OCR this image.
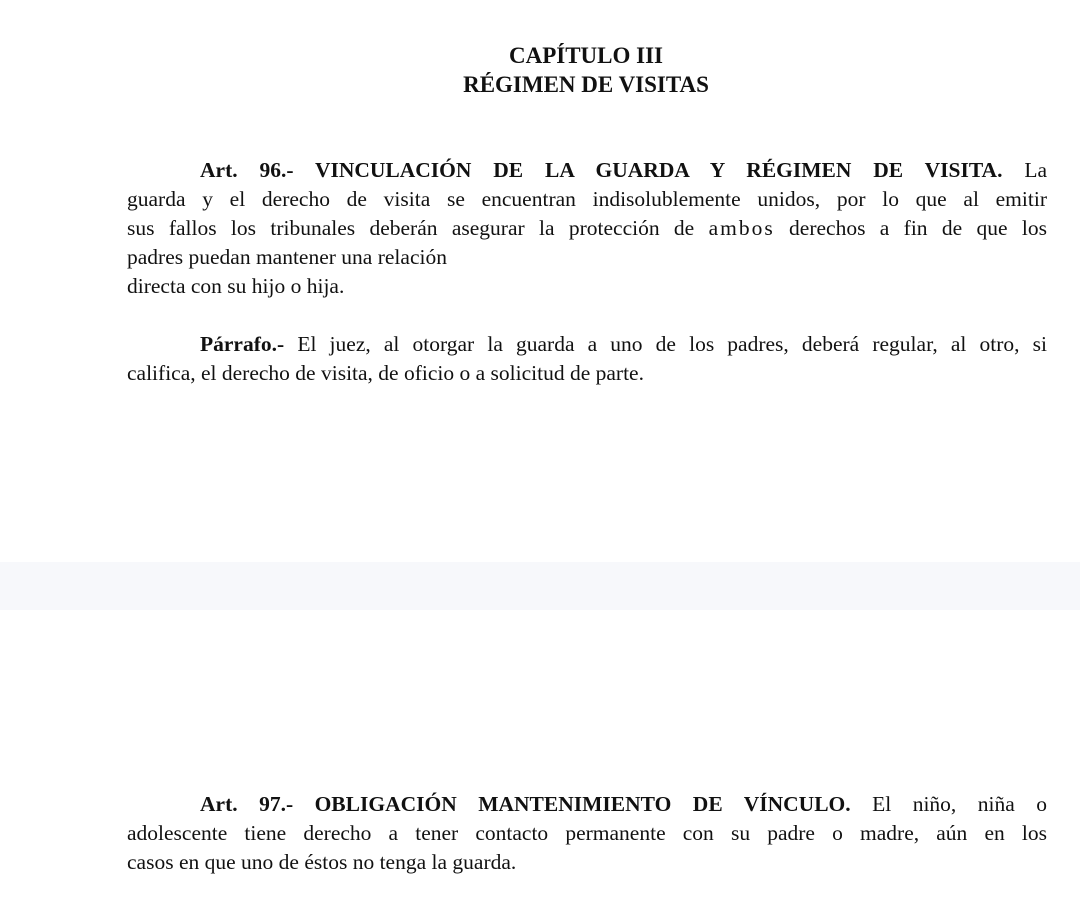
CAPÍTULO III

RÉGIMEN DE VISITAS

Art. 96.- VINCULACIÓN DE LA GUARDA Y RÉGIMEN DE VISITA. La
guarda y el derecho de visita se encuentran indisolublemente unidos, por lo que al emitir
sus fallos los tribunales deberán asegurar la protección de ambos derechos a fin de que los
padres puedan mantener una relación
directa con su hijo o hija.
Párrafo.- El juez, al otorgar la guarda a uno de los padres, deberá regular, al otro, si
califica, el derecho de visita, de oficio o a solicitud de parte.
Art. 97.- OBLIGACIÓN MANTENIMIENTO DE VÍNCULO. El niño, niña o
adolescente tiene derecho a tener contacto permanente con su padre o madre, aún en los
casos en que uno de éstos no tenga la guarda.
